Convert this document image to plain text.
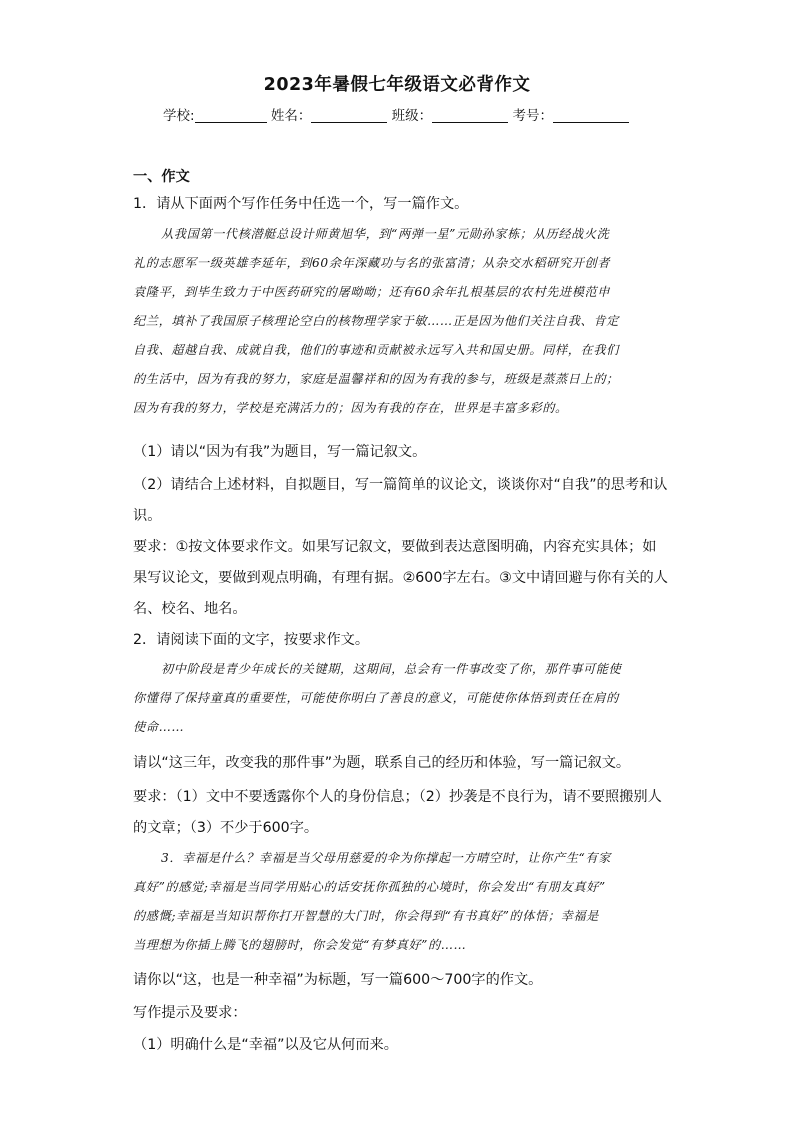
2023年暑假七年级语文必背作文
学校:	姓名：	班级：	考号：
一、作文
1．请从下面两个写作任务中任选一个，写一篇作文。
从我国第一代核潜艇总设计师黄旭华，到“两弹一星”元勋孙家栋；从历经战火洗
礼的志愿军一级英雄李延年，到60余年深藏功与名的张富清；从杂交水稻研究开创者
袁隆平，到毕生致力于中医药研究的屠呦呦；还有60余年扎根基层的农村先进模范申
纪兰，填补了我国原子核理论空白的核物理学家于敏……正是因为他们关注自我、肯定
自我、超越自我、成就自我，他们的事迹和贡献被永远写入共和国史册。同样，在我们
的生活中，因为有我的努力，家庭是温馨祥和的因为有我的参与，班级是蒸蒸日上的；
因为有我的努力，学校是充满活力的；因为有我的存在，世界是丰富多彩的。
（1）请以“因为有我”为题目，写一篇记叙文。
（2）请结合上述材料，自拟题目，写一篇简单的议论文，谈谈你对“自我”的思考和认
识。
要求：①按文体要求作文。如果写记叙文，要做到表达意图明确，内容充实具体；如
果写议论文，要做到观点明确，有理有据。②600字左右。③文中请回避与你有关的人
名、校名、地名。
2．请阅读下面的文字，按要求作文。
初中阶段是青少年成长的关键期，这期间，总会有一件事改变了你，那件事可能使
你懂得了保持童真的重要性，可能使你明白了善良的意义，可能使你体悟到责任在肩的
使命……
请以“这三年，改变我的那件事”为题，联系自己的经历和体验，写一篇记叙文。
要求：（1）文中不要透露你个人的身份信息；（2）抄袭是不良行为，请不要照搬别人
的文章；（3）不少于600字。
3．幸福是什么？幸福是当父母用慈爱的伞为你撑起一方晴空时，让你产生“有家
真好”的感觉;幸福是当同学用贴心的话安抚你孤独的心境时，你会发出“有朋友真好”
的感慨;幸福是当知识帮你打开智慧的大门时，你会得到“有书真好”的体悟；幸福是
当理想为你插上腾飞的翅膀时，你会发觉“有梦真好”的……
请你以“这，也是一种幸福”为标题，写一篇600～700字的作文。
写作提示及要求：
（1）明确什么是“幸福”以及它从何而来。
